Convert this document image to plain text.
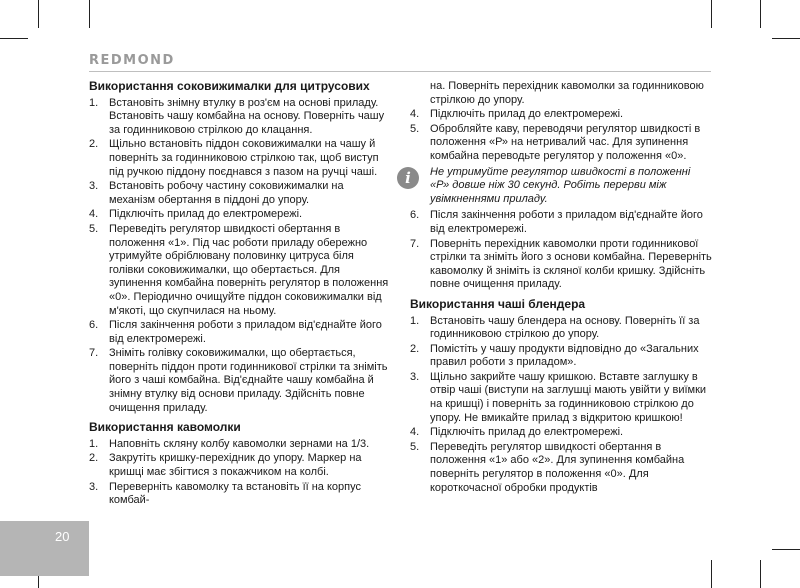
REDMOND
Використання соковижималки для цитрусових
1. Встановіть знімну втулку в роз'єм на основі приладу. Встановіть чашу комбайна на основу. Поверніть чашу за годинниковою стрілкою до клацання.
2. Щільно встановіть піддон соковижималки на чашу й поверніть за годинниковою стрілкою так, щоб виступ під ручкою піддону поєднався з пазом на ручці чаші.
3. Встановіть робочу частину соковижималки на механізм обертання в піддоні до упору.
4. Підключіть прилад до електромережі.
5. Переведіть регулятор швидкості обертання в положення «1». Під час роботи приладу обережно утримуйте обріблювану половинку цитруса біля голівки соковижималки, що обертається. Для зупинення комбайна поверніть регулятор в положення «0». Періодично очищуйте піддон соковижималки від м'якоті, що скупчилася на ньому.
6. Після закінчення роботи з приладом від'єднайте його від електромережі.
7. Зніміть голівку соковижималки, що обертається, поверніть піддон проти годинникової стрілки та зніміть його з чаші комбайна. Від'єднайте чашу комбайна й знімну втулку від основи приладу. Здійсніть повне очищення приладу.
Використання кавомолки
1. Наповніть скляну колбу кавомолки зернами на 1/3.
2. Закрутіть кришку-перехідник до упору. Маркер на кришці має збігтися з покажчиком на колбі.
3. Переверніть кавомолку та встановіть її на корпус комбай-

на. Поверніть перехідник кавомолки за годинниковою стрілкою до упору.

4. Підключіть прилад до електромережі.
5. Обробляйте каву, переводячи регулятор швидкості в положення «Р» на нетривалий час. Для зупинення комбайна переводьте регулятор у положення «0».
i	Не утримуйте регулятор швидкості в положенні «Р» довше ніж 30 секунд. Робіть перерви між увімкненнями приладу.
6. Після закінчення роботи з приладом від'єднайте його від електромережі.
7. Поверніть перехідник кавомолки проти годинникової стрілки та зніміть його з основи комбайна. Переверніть кавомолку й зніміть із скляної колби кришку. Здійсніть повне очищення приладу.
Використання чаші блендера
1. Встановіть чашу блендера на основу. Поверніть її за годинниковою стрілкою до упору.
2. Помістіть у чашу продукти відповідно до «Загальних правил роботи з приладом».
3. Щільно закрийте чашу кришкою. Вставте заглушку в отвір чаші (виступи на заглушці мають увійти у виїмки на кришці) і поверніть за годинниковою стрілкою до упору. Не вмикайте прилад з відкритою кришкою!
4. Підключіть прилад до електромережі.
5. Переведіть регулятор швидкості обертання в положення «1» або «2». Для зупинення комбайна поверніть регулятор в положення «0». Для короткочасної обробки продуктів
20
